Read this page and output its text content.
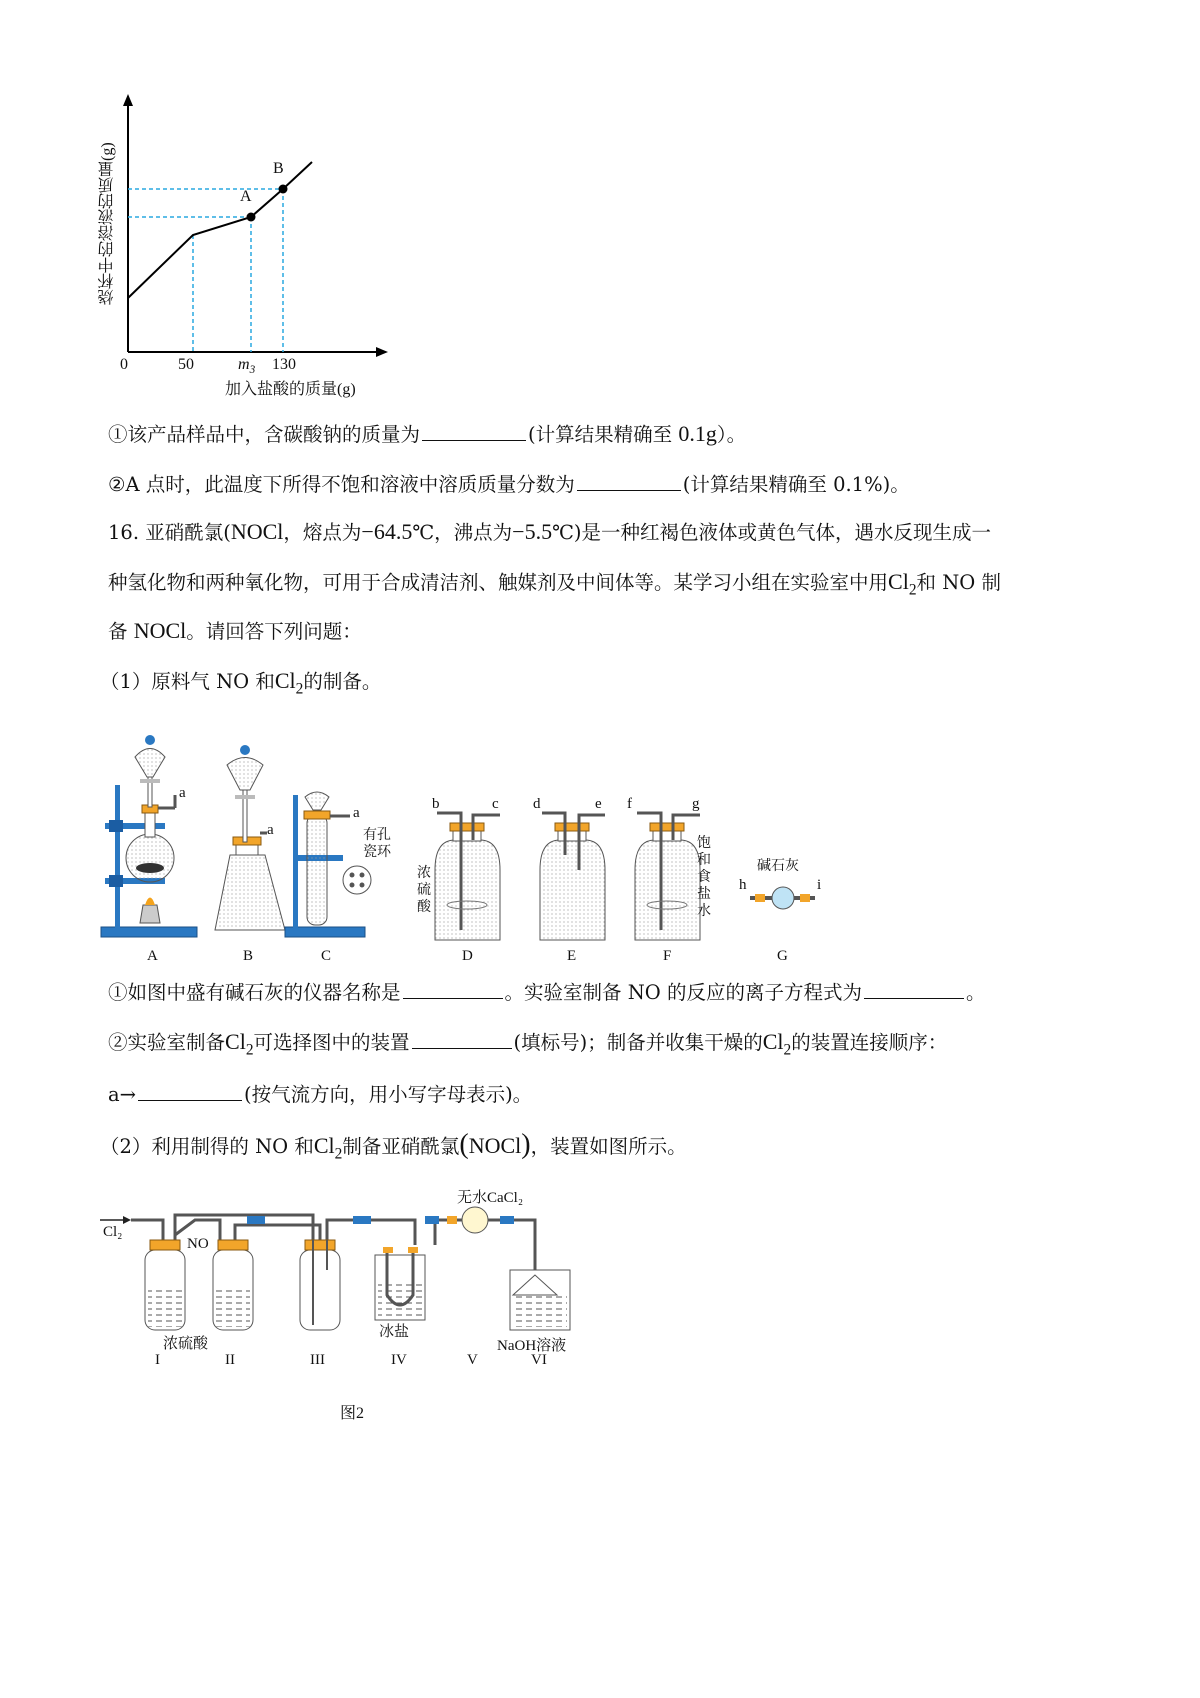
A
B
0	50	$m_3$ 130
加入盐酸的质量(g)
烧杯中的溶液的质量(g)
①该产品样品中，含碳酸钠的质量为	(计算结果精确至 0.1g）。
②A 点时，此温度下所得不饱和溶液中溶质质量分数为	(计算结果精确至 0.1%)。
16. 亚硝酰氯(NOCl，熔点为−64.5℃，沸点为−5.5℃)是一种红褐色液体或黄色气体，遇水反现生成一
种氢化物和两种氧化物，可用于合成清洁剂、触媒剂及中间体等。某学习小组在实验室中用$Cl_2$和 NO 制
备 NOCl。请回答下列问题：
（1）原料气 NO 和$Cl_2$的制备。
A	B	C	D	E	F	G
a
a
a
b	c d	e f	g
h	i
有孔瓷环
浓硫酸
饱和食盐水
碱石灰
①如图中盛有碱石灰的仪器名称是	。实验室制备 NO 的反应的离子方程式为	。
②实验室制备$Cl_2$可选择图中的装置	(填标号)；制备并收集干燥的$Cl_2$的装置连接顺序：
a→	(按气流方向，用小写字母表示)。
（2）利用制得的 NO 和$Cl_2$制备亚硝酰氯(NOCl)，装置如图所示。
Cl₂
NO
无水CaCl₂
浓硫酸
冰盐
NaOH溶液
I	II	III	IV	V	VI
图2
